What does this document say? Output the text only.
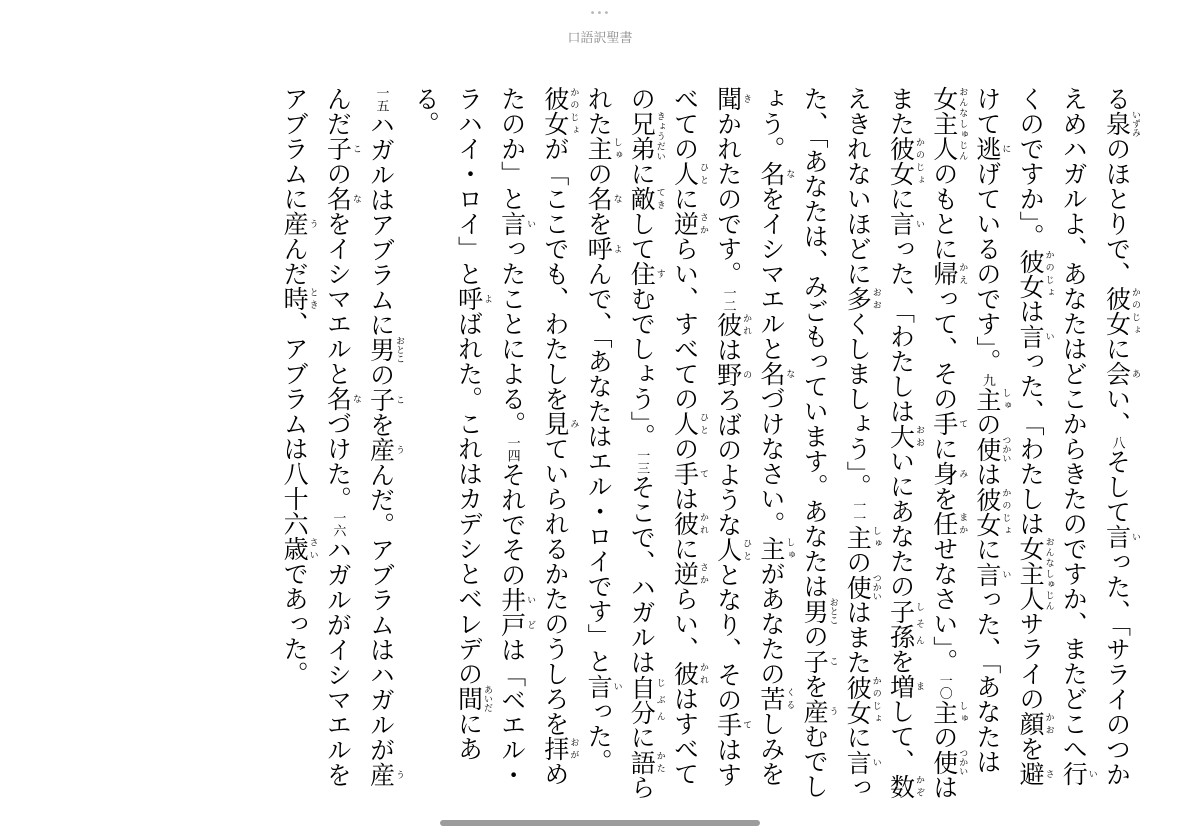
•••
口語訳聖書

る泉いずみのほとりで、彼女かのじょに会あい、八そして言いった、「サライのつかえめハガルよ、あなたはどこからきたのですか、またどこへ行いくのですか」。彼女かのじょは言いった、「わたしは女主人おんなしゅじんサライの顔かおを避さけて逃にげているのです」。九主しゅの使つかいは彼女かのじょに言いった、「あなたは女主人おんなしゅじんのもとに帰かえって、その手てに身みを任まかせなさい」。一〇主しゅの使つかいはまた彼女かのじょに言いった、「わたしは大おおいにあなたの子孫しそんを増まして、数かぞえきれないほどに多おおくしましょう」。一一主しゅの使つかいはまた彼女かのじょに言いった、「あなたは、みごもっています。あなたは男おとこの子こを産うむでしょう。名なをイシマエルと名なづけなさい。主しゅがあなたの苦くるしみを聞きかれたのです。一二彼かれは野のろばのような人ひととなり、その手てはすべての人ひとに逆さからい、すべての人ひとの手ては彼かれに逆さからい、彼かれはすべての兄弟きょうだいに敵てきして住すむでしょう」。一三そこで、ハガルは自分じぶんに語かたられた主しゅの名なを呼よんで、「あなたはエル・ロイです」と言いった。彼女かのじょが「ここでも、わたしを見みていられるかたのうしろを拝おがめたのか」と言いったことによる。一四それでその井戸いどは「ベエル・ラハイ・ロイ」と呼よばれた。これはカデシとベレデの間あいだにある。

一五ハガルはアブラムに男おとこの子こを産うんだ。アブラムはハガルが産うんだ子この名なをイシマエルと名なづけた。一六ハガルがイシマエルをアブラムに産うんだ時とき、アブラムは八十六歳さいであった。
